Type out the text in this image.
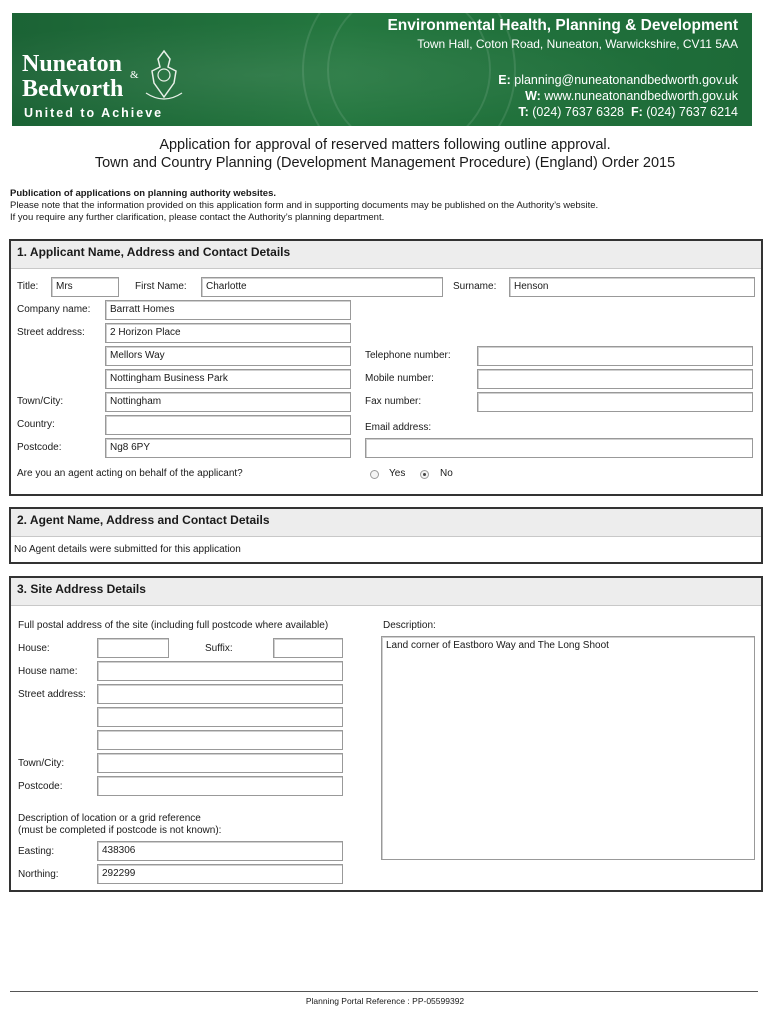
Nuneaton &
Bedworth
United to Achieve
Environmental Health, Planning & Development
Town Hall, Coton Road, Nuneaton, Warwickshire, CV11 5AA
E: planning@nuneatonandbedworth.gov.uk
W: www.nuneatonandbedworth.gov.uk
T: (024) 7637 6328 F: (024) 7637 6214
Application for approval of reserved matters following outline approval.
Town and Country Planning (Development Management Procedure) (England) Order 2015
Publication of applications on planning authority websites.
Please note that the information provided on this application form and in supporting documents may be published on the Authority’s website.
If you require any further clarification, please contact the Authority’s planning department.
1. Applicant Name, Address and Contact Details
Title:	Mrs	First Name:	Charlotte	Surname:	Henson
Company name:	Barratt Homes
Street address:	2 Horizon Place
Mellors Way
Nottingham Business Park
Telephone number:
Mobile number:
Town/City:	Nottingham	Fax number:
Country:	Email address:
Postcode:	Ng8 6PY
Are you an agent acting on behalf of the applicant?	Yes	No
2. Agent Name, Address and Contact Details
No Agent details were submitted for this application
3. Site Address Details
Full postal address of the site (including full postcode where available)	Description:
Land corner of Eastboro Way and The Long Shoot
House:	Suffix:
House name:
Street address:
Town/City:
Postcode:
Description of location or a grid reference
(must be completed if postcode is not known):
Easting:	438306
Northing:	292299
Planning Portal Reference : PP-05599392
